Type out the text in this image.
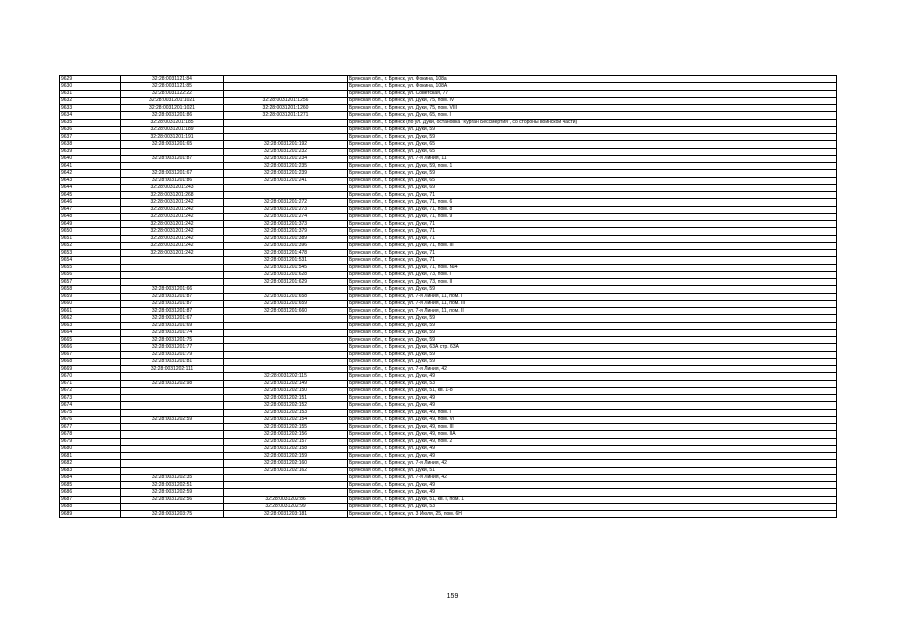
9629	32:28:0031121:84		Брянская обл., г. Брянск, ул. Фокина, 108а
9630	32:28:0031121:85		Брянская обл., г. Брянск, ул. Фокина, 108А
9631	32:28:0031122:22		Брянская обл., г. Брянск, ул. Советская, 77
9632	32:28:0031201:1021	32:28:0031201:1256	Брянская обл., г. Брянск, ул. Дуки, 75, пом. IV
9633	32:28:0031201:1021	32:28:0031201:1260	Брянская обл., г. Брянск, ул. Дуки, 75, пом. VIII
9634	32:28:0031201:86	32:28:0031201:1271	Брянская обл., г. Брянск, ул. Дуки, 65, пом. I
9635	32:28:0031201:185		Брянская обл., г. Брянск (по ул. Дуки, остановка "Курган Бессмертия", со стороны воинской части)
9636	32:28:0031201:189		Брянская обл., г. Брянск, ул. Дуки, 59
9637	32:28:0031201:191		Брянская обл., г. Брянск, ул. Дуки, 59
9638	32:28:0031201:65	32:28:0031201:192	Брянская обл., г. Брянск, ул. Дуки, 65
9639		32:28:0031201:232	Брянская обл., г. Брянск, ул. Дуки, 65
9640	32:28:0031201:87	32:28:0031201:234	Брянская обл., г. Брянск, ул. 7-я Линия, 11
9641		32:28:0031201:235	Брянская обл., г. Брянск, ул. Дуки, 59, пом. 1
9642	32:28:0031201:67	32:28:0031201:239	Брянская обл., г. Брянск, ул. Дуки, 59
9643	32:28:0031201:86	32:28:0031201:241	Брянская обл., г. Брянск, ул. Дуки, 65
9644	32:28:0031201:243		Брянская обл., г. Брянск, ул. Дуки, 69
9645	32:28:0031201:268		Брянская обл., г. Брянск, ул. Дуки, 71
9646	32:28:0031201:242	32:28:0031201:272	Брянская обл., г. Брянск, ул. Дуки, 71, пом. 6
9647	32:28:0031201:242	32:28:0031201:273	Брянская обл., г. Брянск, ул. Дуки, 71, пом. 8
9648	32:28:0031201:242	32:28:0031201:274	Брянская обл., г. Брянск, ул. Дуки, 71, пом. 9
9649	32:28:0031201:242	32:28:0031201:373	Брянская обл., г. Брянск, ул. Дуки, 71
9650	32:28:0031201:242	32:28:0031201:379	Брянская обл., г. Брянск, ул. Дуки, 71
9651	32:28:0031201:242	32:28:0031201:389	Брянская обл., г. Брянск, ул. Дуки, 71
9652	32:28:0031201:242	32:28:0031201:396	Брянская обл., г. Брянск, ул. Дуки, 71, пом. III
9653	32:28:0031201:242	32:28:0031201:478	Брянская обл., г. Брянск, ул. Дуки, 71
9654		32:28:0031201:531	Брянская обл., г. Брянск, ул. Дуки, 71
9655		32:28:0031201:545	Брянская обл., г. Брянск, ул. Дуки, 71, пом. №4
9656		32:28:0031201:628	Брянская обл., г. Брянск, ул. Дуки, 73, пом. I
9657		32:28:0031201:629	Брянская обл., г. Брянск, ул. Дуки, 73, пом. II
9658	32:28:0031201:66		Брянская обл., г. Брянск, ул. Дуки, 59
9659	32:28:0031201:87	32:28:0031201:658	Брянская обл., г. Брянск, ул. 7-я Линия, 11, пом. I
9660	32:28:0031201:87	32:28:0031201:659	Брянская обл., г. Брянск, ул. 7-я Линия, 11, пом. III
9661	32:28:0031201:87	32:28:0031201:660	Брянская обл., г. Брянск, ул. 7-я Линия, 11, пом. II
9662	32:28:0031201:67		Брянская обл., г. Брянск, ул. Дуки, 59
9663	32:28:0031201:69		Брянская обл., г. Брянск, ул. Дуки, 59
9664	32:28:0031201:74		Брянская обл., г. Брянск, ул. Дуки, 59
9665	32:28:0031201:75		Брянская обл., г. Брянск, ул. Дуки, 59
9666	32:28:0031201:77		Брянская обл., г. Брянск, ул. Дуки, 63А стр. 63А
9667	32:28:0031201:79		Брянская обл., г. Брянск, ул. Дуки, 59
9668	32:28:0031201:81		Брянская обл., г. Брянск, ул. Дуки, 59
9669	32:28:0031202:111		Брянская обл., г. Брянск, ул. 7-я Линия, 42
9670		32:28:0031202:115	Брянская обл., г. Брянск, ул. Дуки, 49
9671	32:28:0031202:98	32:28:0031202:149	Брянская обл., г. Брянск, ул. Дуки, 53
9672		32:28:0031202:150	Брянская обл., г. Брянск, ул. Дуки, 51, кв. 1-8
9673		32:28:0031202:151	Брянская обл., г. Брянск, ул. Дуки, 49
9674		32:28:0031202:152	Брянская обл., г. Брянск, ул. Дуки, 49
9675		32:28:0031202:153	Брянская обл., г. Брянск, ул. Дуки, 49, пом. I
9676	32:28:0031202:59	32:28:0031202:154	Брянская обл., г. Брянск, ул. Дуки, 49, пом. VI
9677		32:28:0031202:155	Брянская обл., г. Брянск, ул. Дуки, 49, пом. III
9678		32:28:0031202:156	Брянская обл., г. Брянск, ул. Дуки, 49, пом. IIА
9679		32:28:0031202:157	Брянская обл., г. Брянск, ул. Дуки, 49, пом. 2
9680		32:28:0031202:158	Брянская обл., г. Брянск, ул. Дуки, 49
9681		32:28:0031202:159	Брянская обл., г. Брянск, ул. Дуки, 49
9682		32:28:0031202:160	Брянская обл., г. Брянск, ул. 7-я Линия, 42
9683		32:28:0031202:162	Брянская обл., г. Брянск, ул. Дуки, 51
9684	32:28:0031202:35		Брянская обл., г. Брянск, ул. 7-я Линия, 42
9685	32:28:0031202:51		Брянская обл., г. Брянск, ул. Дуки, 49
9686	32:28:0031202:59		Брянская обл., г. Брянск, ул. Дуки, 49
9687	32:28:0031202:56	32:28:0031202:86	Брянская обл., г. Брянск, ул. Дуки, 51, кв. I, пом. 1
9688		32:28:0031202:99	Брянская обл., г. Брянск, ул. Дуки, 53
9689	32:28:0031203:75	32:28:0031203:181	Брянская обл., г. Брянск, ул. 3 Июля, 25, пом. 6Н
159
